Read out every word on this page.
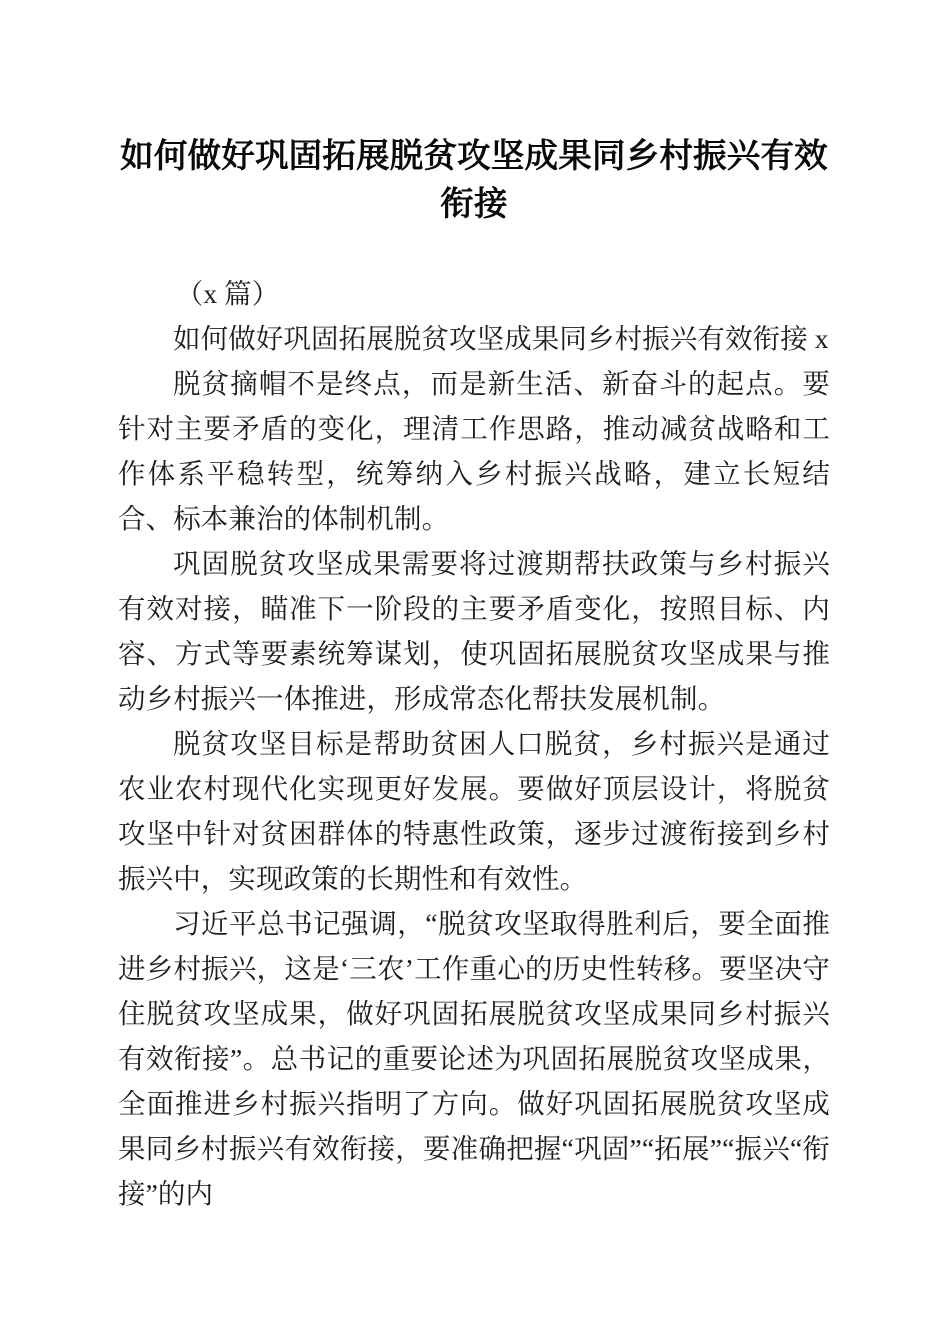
如何做好巩固拓展脱贫攻坚成果同乡村振兴有效衔接

（x 篇）

如何做好巩固拓展脱贫攻坚成果同乡村振兴有效衔接 x

脱贫摘帽不是终点，而是新生活、新奋斗的起点。要针对主要矛盾的变化，理清工作思路，推动减贫战略和工作体系平稳转型，统筹纳入乡村振兴战略，建立长短结合、标本兼治的体制机制。

巩固脱贫攻坚成果需要将过渡期帮扶政策与乡村振兴有效对接，瞄准下一阶段的主要矛盾变化，按照目标、内容、方式等要素统筹谋划，使巩固拓展脱贫攻坚成果与推动乡村振兴一体推进，形成常态化帮扶发展机制。

脱贫攻坚目标是帮助贫困人口脱贫，乡村振兴是通过农业农村现代化实现更好发展。要做好顶层设计，将脱贫攻坚中针对贫困群体的特惠性政策，逐步过渡衔接到乡村振兴中，实现政策的长期性和有效性。

习近平总书记强调，“脱贫攻坚取得胜利后，要全面推进乡村振兴，这是‘三农’工作重心的历史性转移。要坚决守住脱贫攻坚成果，做好巩固拓展脱贫攻坚成果同乡村振兴有效衔接”。总书记的重要论述为巩固拓展脱贫攻坚成果，全面推进乡村振兴指明了方向。做好巩固拓展脱贫攻坚成果同乡村振兴有效衔接，要准确把握“巩固”“拓展”“振兴“衔接”的内
